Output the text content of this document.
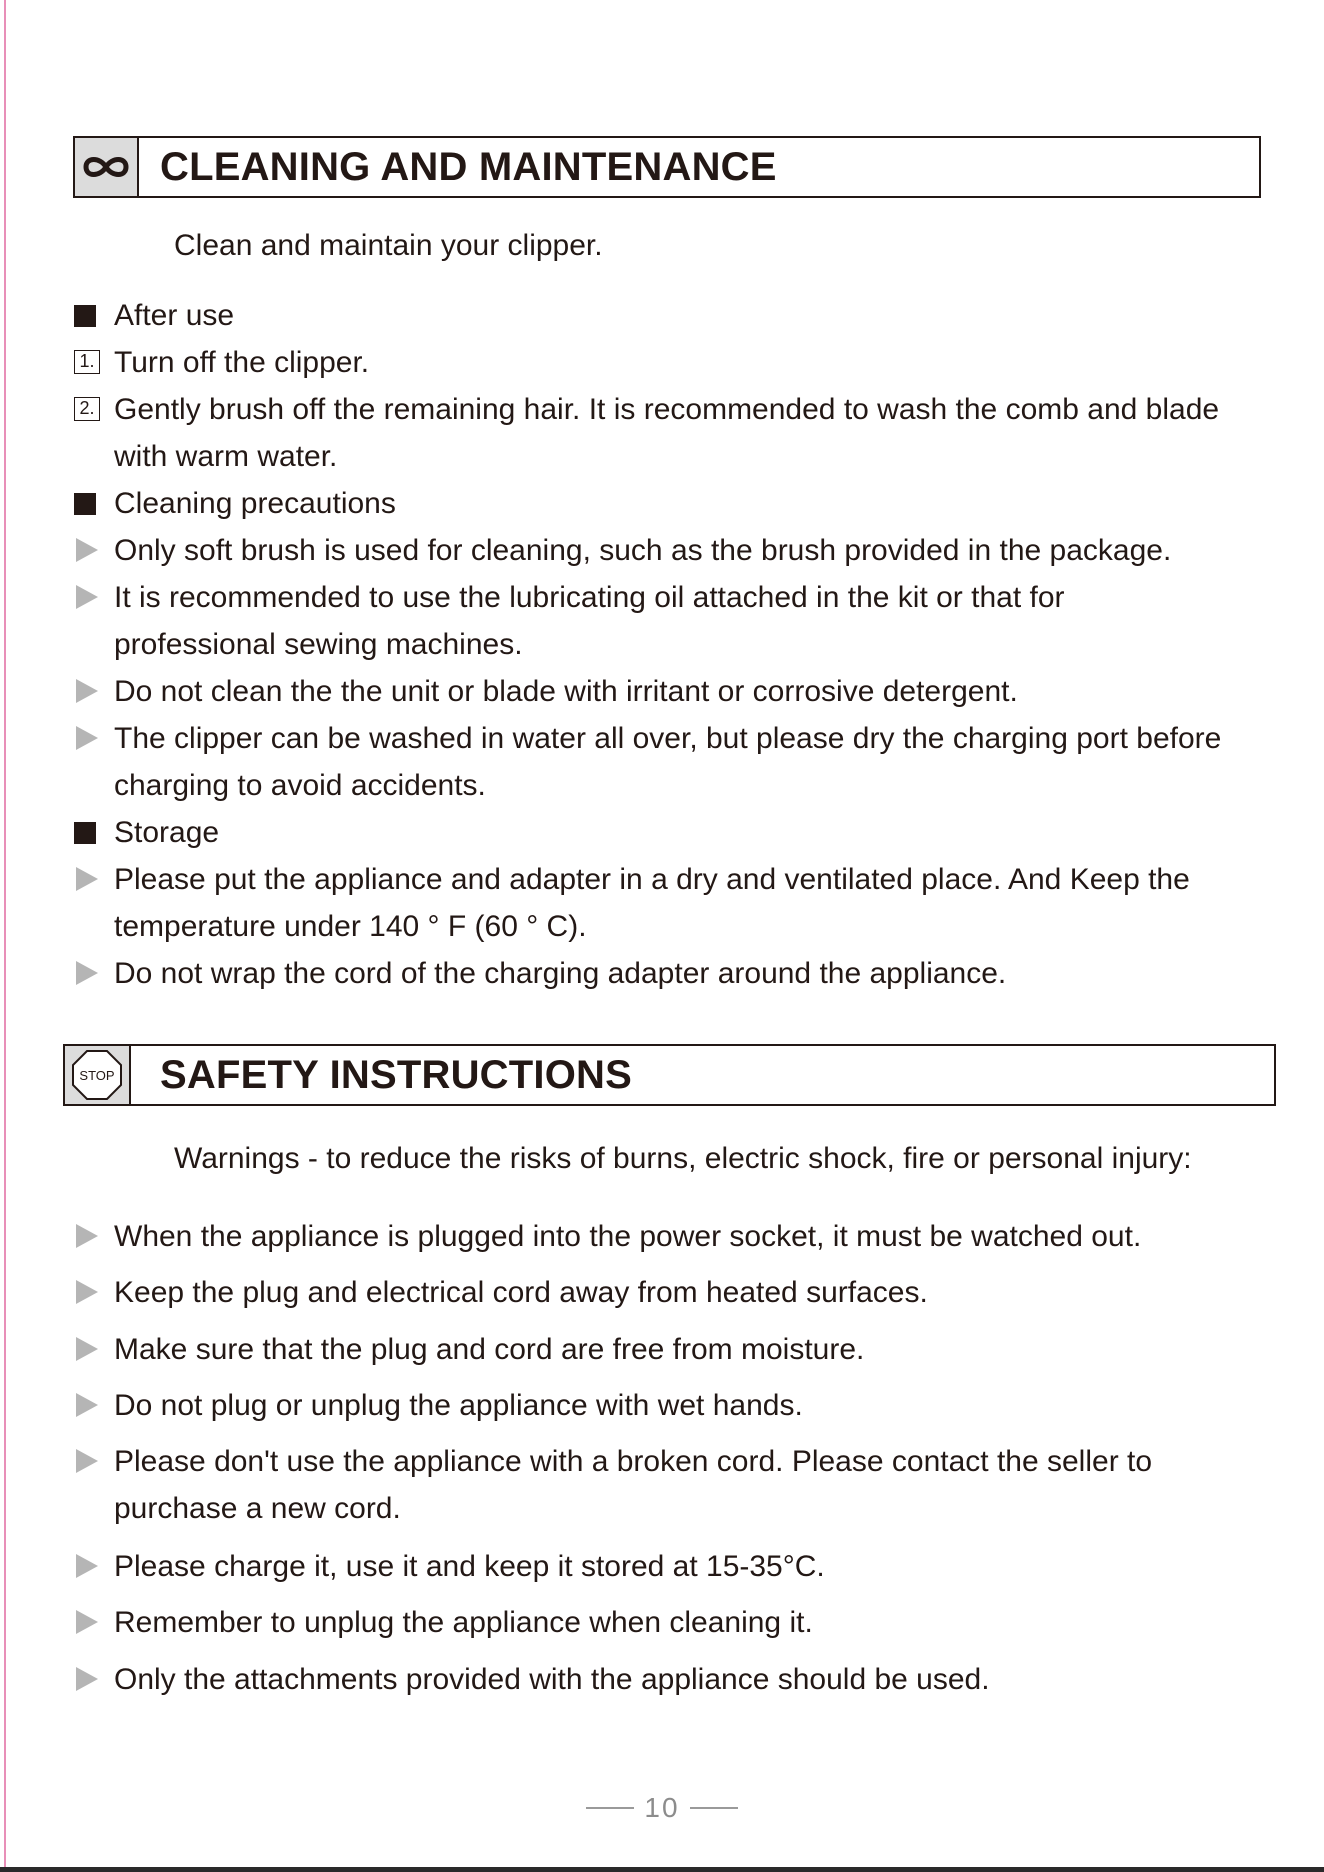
CLEANING AND MAINTENANCE
Clean and maintain your clipper.
After use
1. Turn off the clipper.
2. Gently brush off the remaining hair. It is recommended to wash the comb and blade with warm water.
Cleaning precautions
Only soft brush is used for cleaning, such as the brush provided in the package.
It is recommended to use the lubricating oil attached in the kit or that for professional sewing machines.
Do not clean the the unit or blade with irritant or corrosive detergent.
The clipper can be washed in water all over, but please dry the charging port before charging to avoid accidents.
Storage
Please put the appliance and adapter in a dry and ventilated place. And Keep the temperature under 140 ° F (60 ° C).
Do not wrap the cord of the charging adapter around the appliance.
STOP SAFETY INSTRUCTIONS
Warnings - to reduce the risks of burns, electric shock, fire or personal injury:
When the appliance is plugged into the power socket, it must be watched out.
Keep the plug and electrical cord away from heated surfaces.
Make sure that the plug and cord are free from moisture.
Do not plug or unplug the appliance with wet hands.
Please don't use the appliance with a broken cord. Please contact the seller to purchase a new cord.
Please charge it, use it and keep it stored at 15-35°C.
Remember to unplug the appliance when cleaning it.
Only the attachments provided with the appliance should be used.
10
